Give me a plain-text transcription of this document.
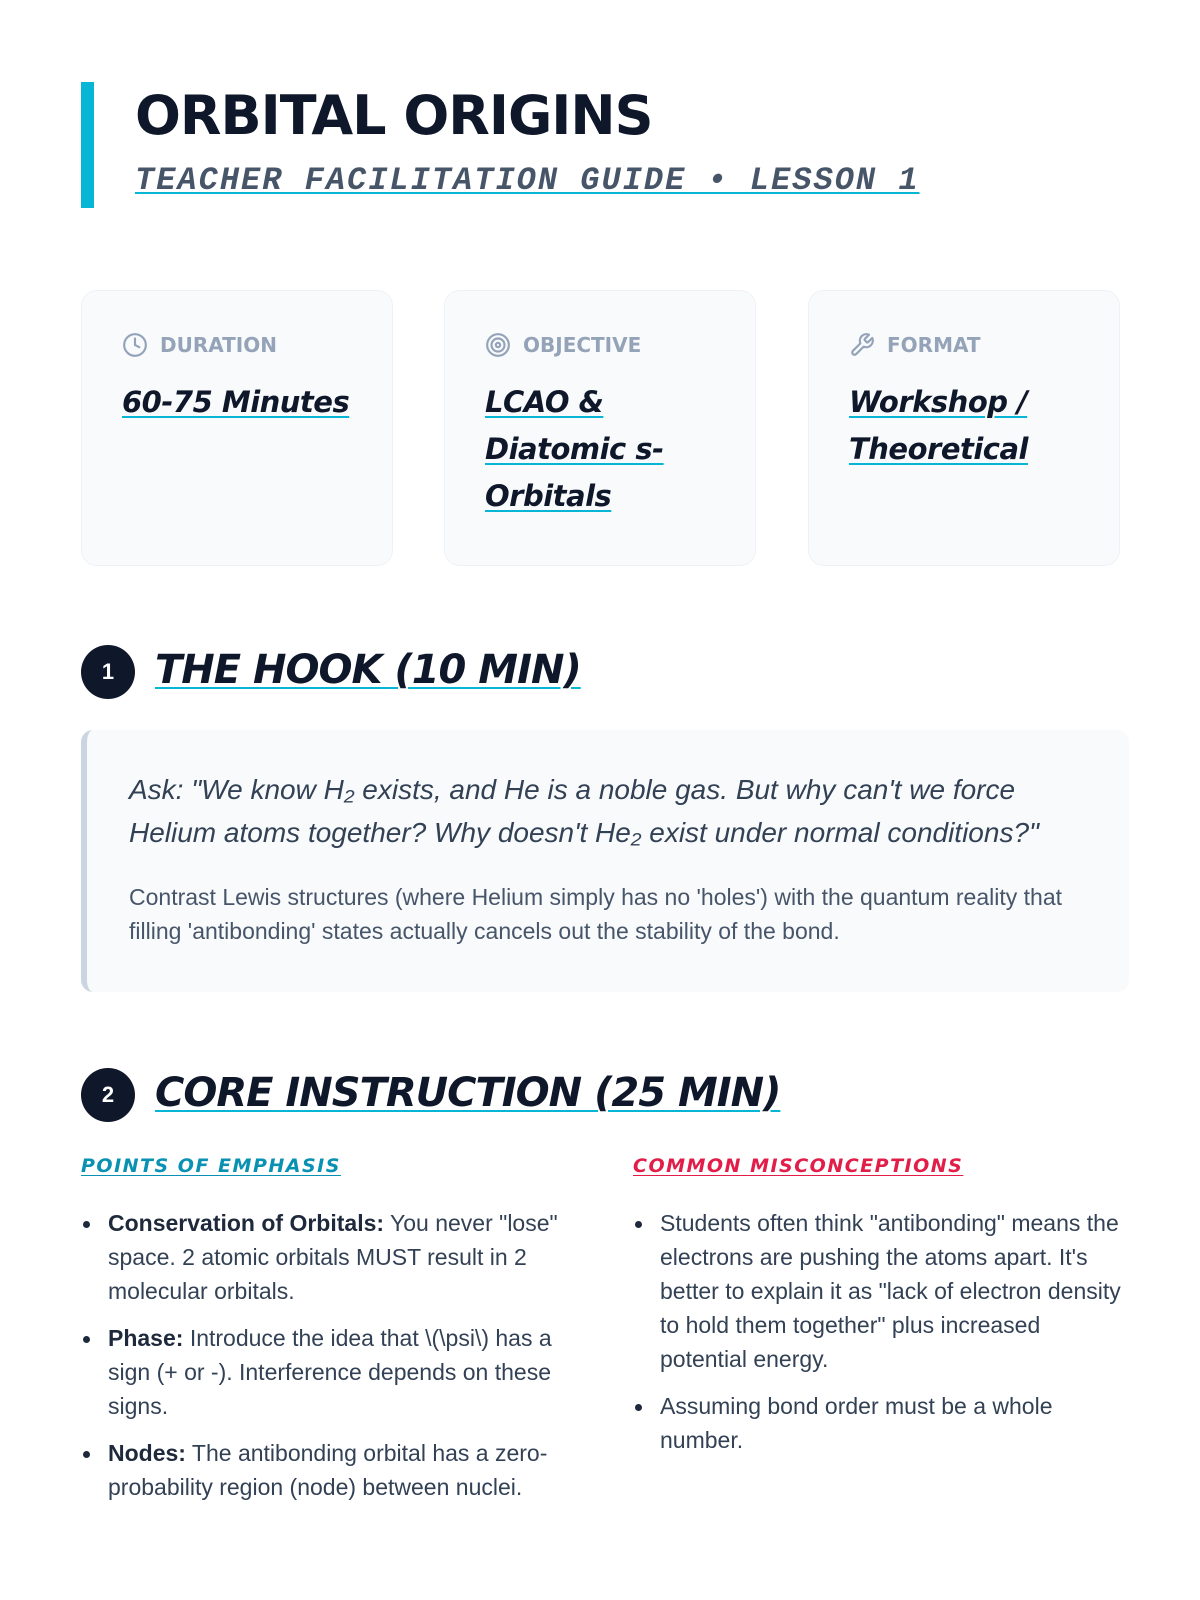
ORBITAL ORIGINS
TEACHER FACILITATION GUIDE • LESSON 1
DURATION
60-75 Minutes
OBJECTIVE
LCAO & Diatomic s-Orbitals
FORMAT
Workshop / Theoretical
1	THE HOOK (10 MIN)

Ask: "We know H₂ exists, and He is a noble gas. But why can't we force Helium atoms together? Why doesn't He₂ exist under normal conditions?"

Contrast Lewis structures (where Helium simply has no 'holes') with the quantum reality that filling 'antibonding' states actually cancels out the stability of the bond.

2	CORE INSTRUCTION (25 MIN)
POINTS OF EMPHASIS
Conservation of Orbitals: You never "lose" space. 2 atomic orbitals MUST result in 2 molecular orbitals.
Phase: Introduce the idea that \(\psi\) has a sign (+ or -). Interference depends on these signs.
Nodes: The antibonding orbital has a zero-probability region (node) between nuclei.
COMMON MISCONCEPTIONS
Students often think "antibonding" means the electrons are pushing the atoms apart. It's better to explain it as "lack of electron density to hold them together" plus increased potential energy.
Assuming bond order must be a whole number.
